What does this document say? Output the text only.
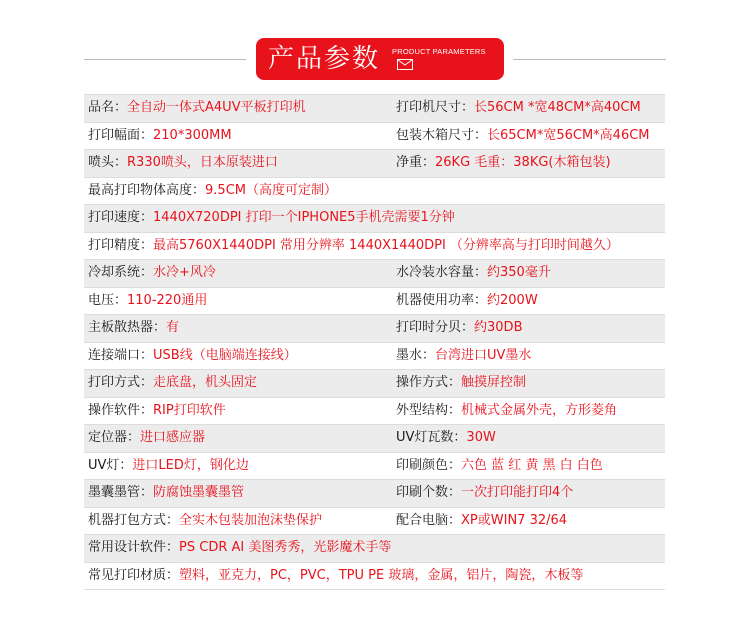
产品参数 PRODUCT PARAMETERS
品名：全自动一体式A4UV平板打印机	打印机尺寸：长56CM *宽48CM*高40CM
打印幅面：210*300MM	包装木箱尺寸：长65CM*宽56CM*高46CM
喷头：R330喷头，日本原装进口	净重：26KG 毛重：38KG(木箱包装)
最高打印物体高度：9.5CM（高度可定制）
打印速度：1440X720DPI 打印一个IPHONE5手机壳需要1分钟
打印精度：最高5760X1440DPI 常用分辨率 1440X1440DPI （分辨率高与打印时间越久）
冷却系统：水冷+风冷	水冷装水容量：约350毫升
电压：110-220通用	机器使用功率：约200W
主板散热器：有	打印时分贝：约30DB
连接端口：USB线（电脑端连接线）	墨水：台湾进口UV墨水
打印方式：走底盘，机头固定	操作方式：触摸屏控制
操作软件：RIP打印软件	外型结构：机械式金属外壳，方形菱角
定位器：进口感应器	UV灯瓦数：30W
UV灯：进口LED灯，钢化边	印刷颜色：六色 蓝 红 黄 黑 白 白色
墨囊墨管：防腐蚀墨囊墨管	印刷个数：一次打印能打印4个
机器打包方式：全实木包装加泡沫垫保护	配合电脑：XP或WIN7 32/64
常用设计软件：PS CDR AI 美图秀秀，光影魔术手等
常见打印材质：塑料，亚克力，PC，PVC，TPU PE 玻璃，金属，铝片，陶瓷，木板等
